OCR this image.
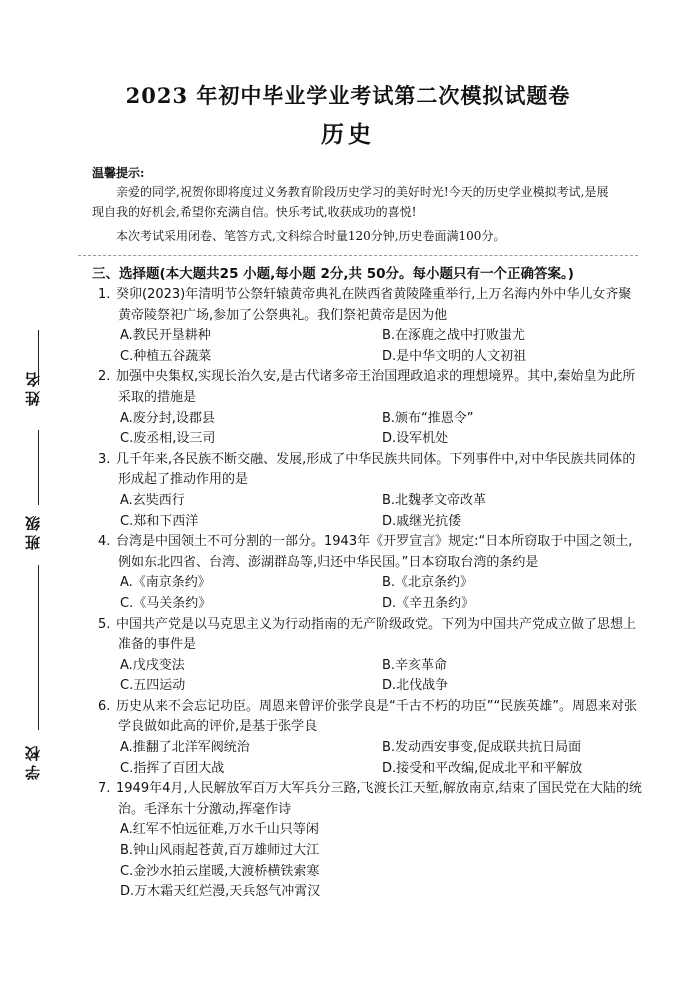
2023 年初中毕业学业考试第二次模拟试题卷
历史
温馨提示:
亲爱的同学,祝贺你即将度过义务教育阶段历史学习的美好时光!今天的历史学业模拟考试,是展现自我的好机会,希望你充满自信。快乐考试,收获成功的喜悦!
本次考试采用闭卷、笔答方式,文科综合时量120分钟,历史卷面满100分。
三、选择题(本大题共25 小题,每小题 2分,共 50分。每小题只有一个正确答案。)
姓名
班级
学校
1. 癸卯(2023)年清明节公祭轩辕黄帝典礼在陕西省黄陵隆重举行,上万名海内外中华儿女齐聚黄帝陵祭祀广场,参加了公祭典礼。我们祭祀黄帝是因为他
A.教民开垦耕种	B.在涿鹿之战中打败蚩尤
C.种植五谷蔬菜	D.是中华文明的人文初祖
2. 加强中央集权,实现长治久安,是古代诸多帝王治国理政追求的理想境界。其中,秦始皇为此所采取的措施是
A.废分封,设郡县	B.颁布“推恩令”
C.废丞相,设三司	D.设军机处
3. 几千年来,各民族不断交融、发展,形成了中华民族共同体。下列事件中,对中华民族共同体的形成起了推动作用的是
A.玄奘西行	B.北魏孝文帝改革
C.郑和下西洋	D.戚继光抗倭
4. 台湾是中国领土不可分割的一部分。1943年《开罗宣言》规定:“日本所窃取于中国之领土,例如东北四省、台湾、澎湖群岛等,归还中华民国。”日本窃取台湾的条约是
A.《南京条约》	B.《北京条约》
C.《马关条约》	D.《辛丑条约》
5. 中国共产党是以马克思主义为行动指南的无产阶级政党。下列为中国共产党成立做了思想上准备的事件是
A.戊戌变法	B.辛亥革命
C.五四运动	D.北伐战争
6. 历史从来不会忘记功臣。周恩来曾评价张学良是“千古不朽的功臣”“民族英雄”。周恩来对张学良做如此高的评价,是基于张学良
A.推翻了北洋军阀统治	B.发动西安事变,促成联共抗日局面
C.指挥了百团大战	D.接受和平改编,促成北平和平解放
7. 1949年4月,人民解放军百万大军兵分三路,飞渡长江天堑,解放南京,结束了国民党在大陆的统治。毛泽东十分激动,挥毫作诗
A.红军不怕远征难,万水千山只等闲
B.钟山风雨起苍黄,百万雄师过大江
C.金沙水拍云崖暖,大渡桥横铁索寒
D.万木霜天红烂漫,天兵怒气冲霄汉
